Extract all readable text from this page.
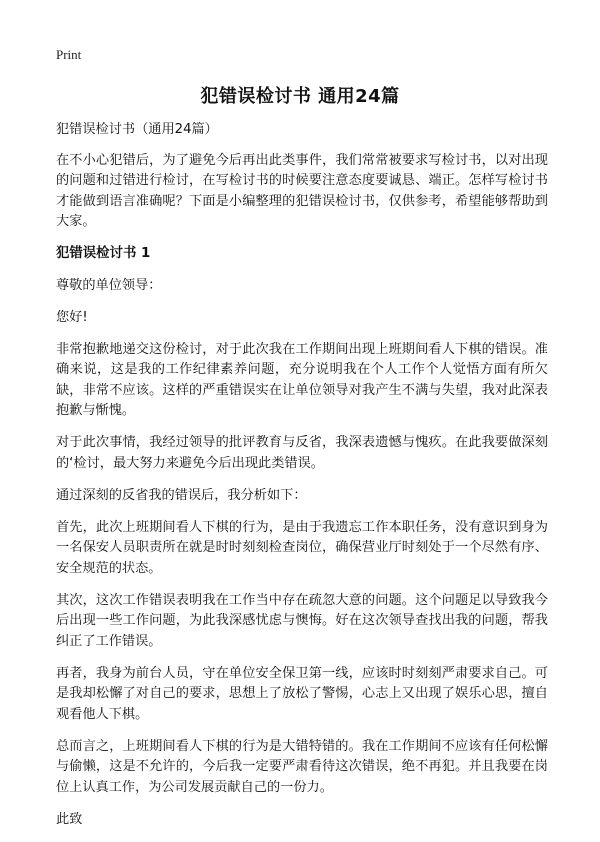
Print
犯错误检讨书 通用24篇

犯错误检讨书（通用24篇）

在不小心犯错后，为了避免今后再出此类事件，我们常常被要求写检讨书，以对出现的问题和过错进行检讨，在写检讨书的时候要注意态度要诚恳、端正。怎样写检讨书才能做到语言准确呢？下面是小编整理的犯错误检讨书，仅供参考，希望能够帮助到大家。

犯错误检讨书 1

尊敬的单位领导：

您好!

非常抱歉地递交这份检讨，对于此次我在工作期间出现上班期间看人下棋的错误。准确来说，这是我的工作纪律素养问题，充分说明我在个人工作个人觉悟方面有所欠缺，非常不应该。这样的严重错误实在让单位领导对我产生不满与失望，我对此深表抱歉与惭愧。

对于此次事情，我经过领导的批评教育与反省，我深表遗憾与愧疚。在此我要做深刻的‘检讨，最大努力来避免今后出现此类错误。

通过深刻的反省我的错误后，我分析如下：

首先，此次上班期间看人下棋的行为，是由于我遗忘工作本职任务，没有意识到身为一名保安人员职责所在就是时时刻刻检查岗位，确保营业厅时刻处于一个尽然有序、安全规范的状态。

其次，这次工作错误表明我在工作当中存在疏忽大意的问题。这个问题足以导致我今后出现一些工作问题，为此我深感忧虑与懊悔。好在这次领导查找出我的问题，帮我纠正了工作错误。

再者，我身为前台人员，守在单位安全保卫第一线，应该时时刻刻严肃要求自己。可是我却松懈了对自己的要求，思想上了放松了警惕，心志上又出现了娱乐心思，擅自观看他人下棋。

总而言之，上班期间看人下棋的行为是大错特错的。我在工作期间不应该有任何松懈与偷懒，这是不允许的，今后我一定要严肃看待这次错误，绝不再犯。并且我要在岗位上认真工作，为公司发展贡献自己的一份力。

此致
